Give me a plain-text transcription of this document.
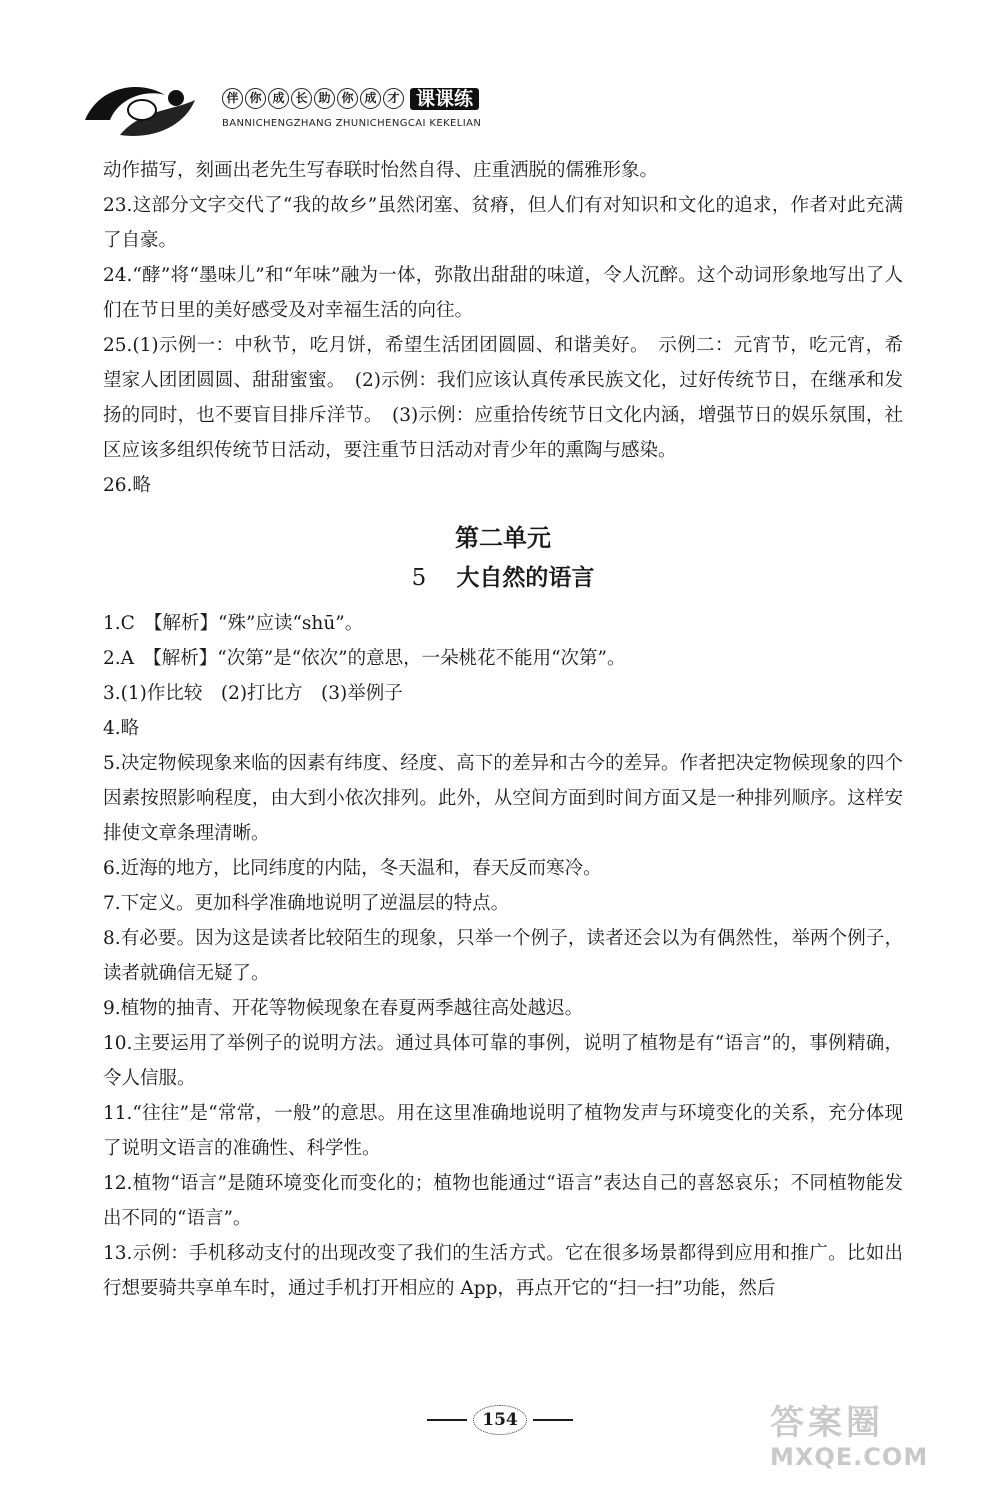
伴 你 成 长 助 你 成 才 课课练
BANNICHENGZHANG ZHUNICHENGCAI KEKELIAN

动作描写，刻画出老先生写春联时怡然自得、庄重洒脱的儒雅形象。

23.这部分文字交代了“我的故乡”虽然闭塞、贫瘠，但人们有对知识和文化的追求，作者对此充满了自豪。

24.“酵”将“墨味儿”和“年味”融为一体，弥散出甜甜的味道，令人沉醉。这个动词形象地写出了人们在节日里的美好感受及对幸福生活的向往。

25.(1)示例一：中秋节，吃月饼，希望生活团团圆圆、和谐美好。　示例二：元宵节，吃元宵，希望家人团团圆圆、甜甜蜜蜜。　(2)示例：我们应该认真传承民族文化，过好传统节日，在继承和发扬的同时，也不要盲目排斥洋节。　(3)示例：应重拾传统节日文化内涵，增强节日的娱乐氛围，社区应该多组织传统节日活动，要注重节日活动对青少年的熏陶与感染。

26.略

第二单元
5 大自然的语言

1.C　【解析】“殊”应读“shū”。

2.A　【解析】“次第”是“依次”的意思，一朵桃花不能用“次第”。

3.(1)作比较　(2)打比方　(3)举例子

4.略

5.决定物候现象来临的因素有纬度、经度、高下的差异和古今的差异。作者把决定物候现象的四个因素按照影响程度，由大到小依次排列。此外，从空间方面到时间方面又是一种排列顺序。这样安排使文章条理清晰。

6.近海的地方，比同纬度的内陆，冬天温和，春天反而寒冷。

7.下定义。更加科学准确地说明了逆温层的特点。

8.有必要。因为这是读者比较陌生的现象，只举一个例子，读者还会以为有偶然性，举两个例子，读者就确信无疑了。

9.植物的抽青、开花等物候现象在春夏两季越往高处越迟。

10.主要运用了举例子的说明方法。通过具体可靠的事例，说明了植物是有“语言”的，事例精确，令人信服。

11.“往往”是“常常，一般”的意思。用在这里准确地说明了植物发声与环境变化的关系，充分体现了说明文语言的准确性、科学性。

12.植物“语言”是随环境变化而变化的；植物也能通过“语言”表达自己的喜怒哀乐；不同植物能发出不同的“语言”。

13.示例：手机移动支付的出现改变了我们的生活方式。它在很多场景都得到应用和推广。比如出行想要骑共享单车时，通过手机打开相应的 App，再点开它的“扫一扫”功能，然后

154	答案圈
MXQE.COM
